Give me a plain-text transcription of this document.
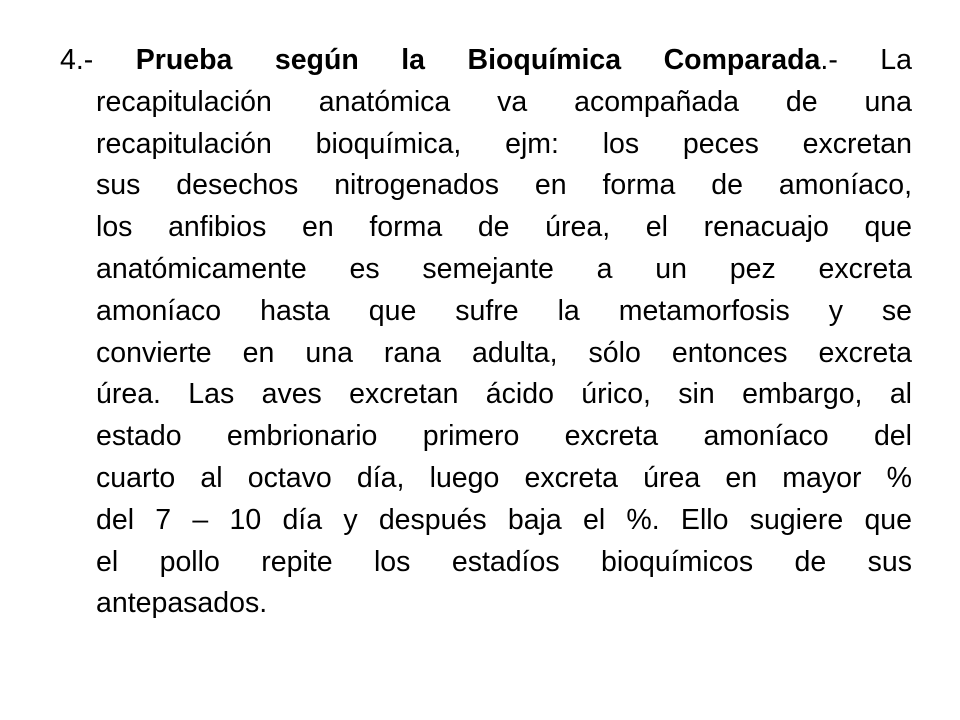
4.- Prueba según la Bioquímica Comparada.- La
recapitulación anatómica va acompañada de una
recapitulación bioquímica, ejm: los peces excretan
sus desechos nitrogenados en forma de amoníaco,
los anfibios en forma de úrea, el renacuajo que
anatómicamente es semejante a un pez excreta
amoníaco hasta que sufre la metamorfosis y se
convierte en una rana adulta, sólo entonces excreta
úrea. Las aves excretan ácido úrico, sin embargo, al
estado embrionario primero excreta amoníaco del
cuarto al octavo día, luego excreta úrea en mayor %
del 7 – 10 día y después baja el %. Ello sugiere que
el pollo repite los estadíos bioquímicos de sus
antepasados.
